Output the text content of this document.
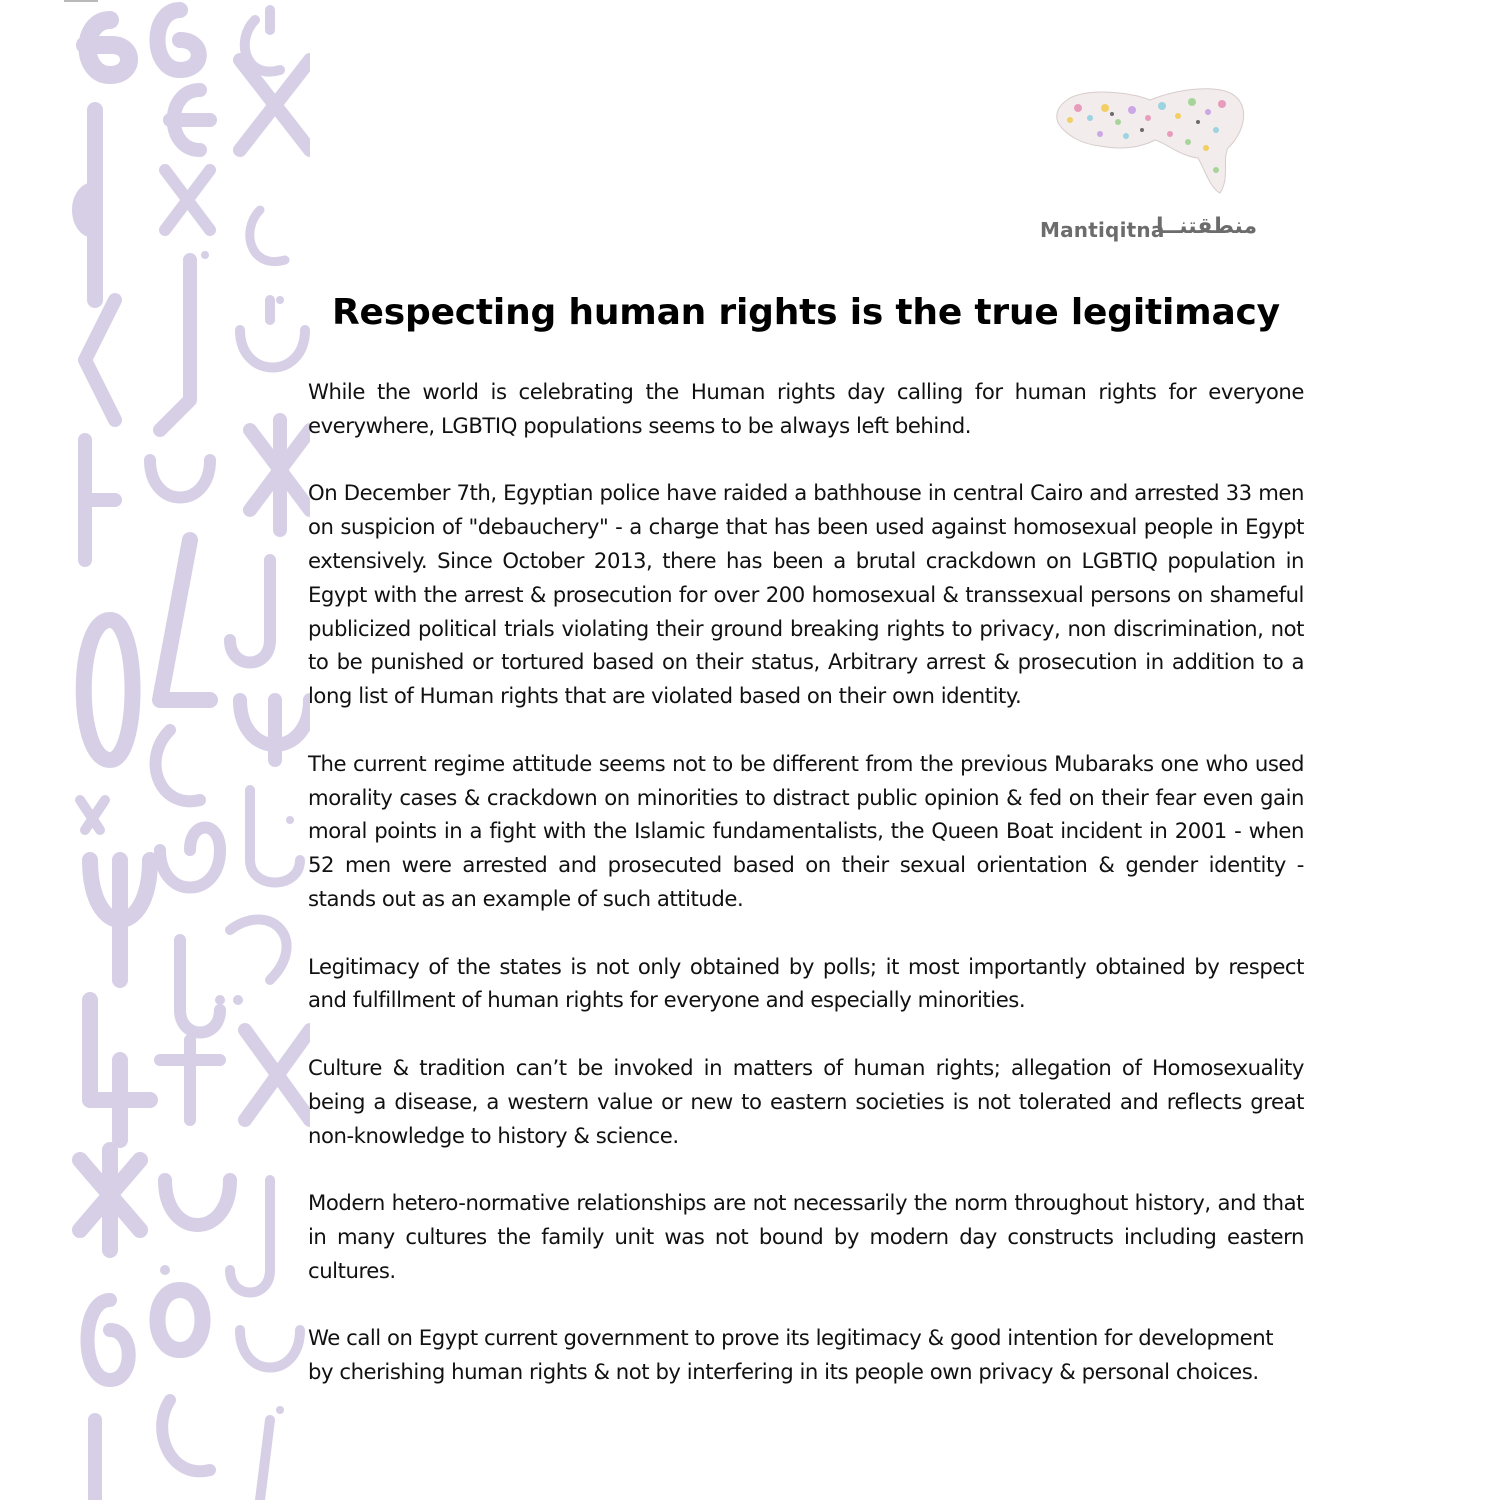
Mantiqitna
منطقتنــا
Respecting human rights is the true legitimacy

While the world is celebrating the Human rights day calling for human rights for everyone everywhere, LGBTIQ populations seems to be always left behind.

On December 7th, Egyptian police have raided a bathhouse in central Cairo and arrested 33 men on suspicion of "debauchery" - a charge that has been used against homosexual people in Egypt extensively. Since October 2013, there has been a brutal crackdown on LGBTIQ population in Egypt with the arrest & prosecution for over 200 homosexual & transsexual persons on shameful publicized political trials violating their ground breaking rights to privacy, non discrimination, not to be punished or tortured based on their status, Arbitrary arrest & prosecution in addition to a long list of Human rights that are violated based on their own identity.

The current regime attitude seems not to be different from the previous Mubaraks one who used morality cases & crackdown on minorities to distract public opinion & fed on their fear even gain moral points in a fight with the Islamic fundamentalists, the Queen Boat incident in 2001 - when 52 men were arrested and prosecuted based on their sexual orientation & gender identity - stands out as an example of such attitude.

Legitimacy of the states is not only obtained by polls; it most importantly obtained by respect and fulfillment of human rights for everyone and especially minorities.

Culture & tradition can’t be invoked in matters of human rights; allegation of Homosexuality being a disease, a western value or new to eastern societies is not tolerated and reflects great non-knowledge to history & science.

Modern hetero-normative relationships are not necessarily the norm throughout history, and that in many cultures the family unit was not bound by modern day constructs including eastern cultures.

We call on Egypt current government to prove its legitimacy & good intention for development by cherishing human rights & not by interfering in its people own privacy & personal choices.
